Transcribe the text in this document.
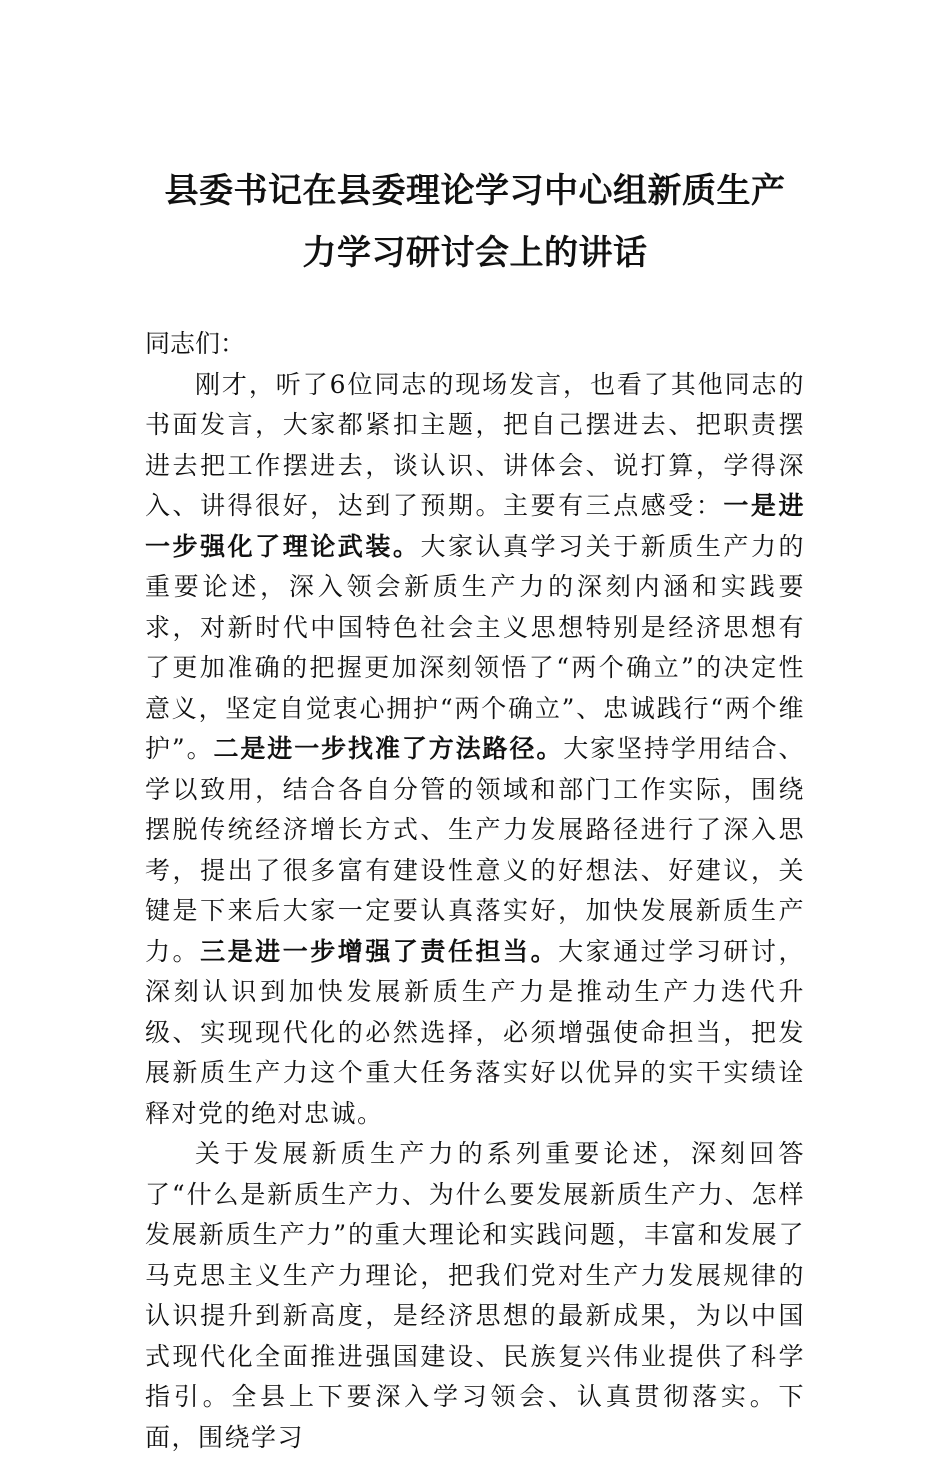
县委书记在县委理论学习中心组新质生产
力学习研讨会上的讲话

同志们：

刚才，听了6位同志的现场发言，也看了其他同志的书面发言，大家都紧扣主题，把自己摆进去、把职责摆进去把工作摆进去，谈认识、讲体会、说打算，学得深入、讲得很好，达到了预期。主要有三点感受：一是进一步强化了理论武装。大家认真学习关于新质生产力的重要论述，深入领会新质生产力的深刻内涵和实践要求，对新时代中国特色社会主义思想特别是经济思想有了更加准确的把握更加深刻领悟了“两个确立”的决定性意义，坚定自觉衷心拥护“两个确立”、忠诚践行“两个维护”。二是进一步找准了方法路径。大家坚持学用结合、学以致用，结合各自分管的领域和部门工作实际，围绕摆脱传统经济增长方式、生产力发展路径进行了深入思考，提出了很多富有建设性意义的好想法、好建议，关键是下来后大家一定要认真落实好，加快发展新质生产力。三是进一步增强了责任担当。大家通过学习研讨，深刻认识到加快发展新质生产力是推动生产力迭代升级、实现现代化的必然选择，必须增强使命担当，把发展新质生产力这个重大任务落实好以优异的实干实绩诠释对党的绝对忠诚。

关于发展新质生产力的系列重要论述，深刻回答了“什么是新质生产力、为什么要发展新质生产力、怎样发展新质生产力”的重大理论和实践问题，丰富和发展了马克思主义生产力理论，把我们党对生产力发展规律的认识提升到新高度，是经济思想的最新成果，为以中国式现代化全面推进强国建设、民族复兴伟业提供了科学指引。全县上下要深入学习领会、认真贯彻落实。下面，围绕学习
